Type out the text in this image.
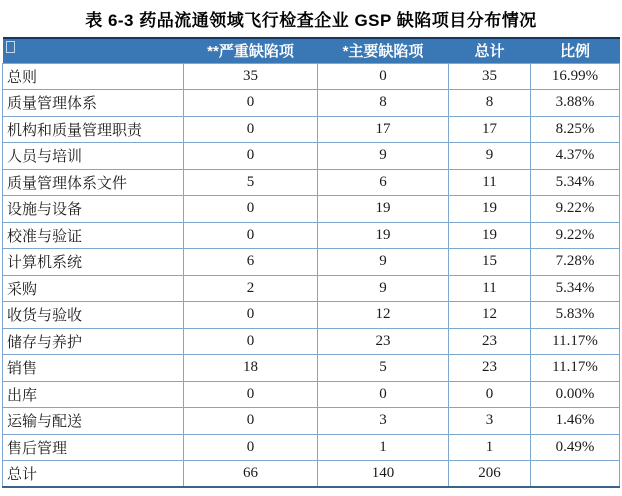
表 6-3 药品流通领域飞行检查企业 GSP 缺陷项目分布情况
	**严重缺陷项	*主要缺陷项	总计	比例
总则	35	0	35	16.99%
质量管理体系	0	8	8	3.88%
机构和质量管理职责	0	17	17	8.25%
人员与培训	0	9	9	4.37%
质量管理体系文件	5	6	11	5.34%
设施与设备	0	19	19	9.22%
校准与验证	0	19	19	9.22%
计算机系统	6	9	15	7.28%
采购	2	9	11	5.34%
收货与验收	0	12	12	5.83%
储存与养护	0	23	23	11.17%
销售	18	5	23	11.17%
出库	0	0	0	0.00%
运输与配送	0	3	3	1.46%
售后管理	0	1	1	0.49%
总计	66	140	206	
